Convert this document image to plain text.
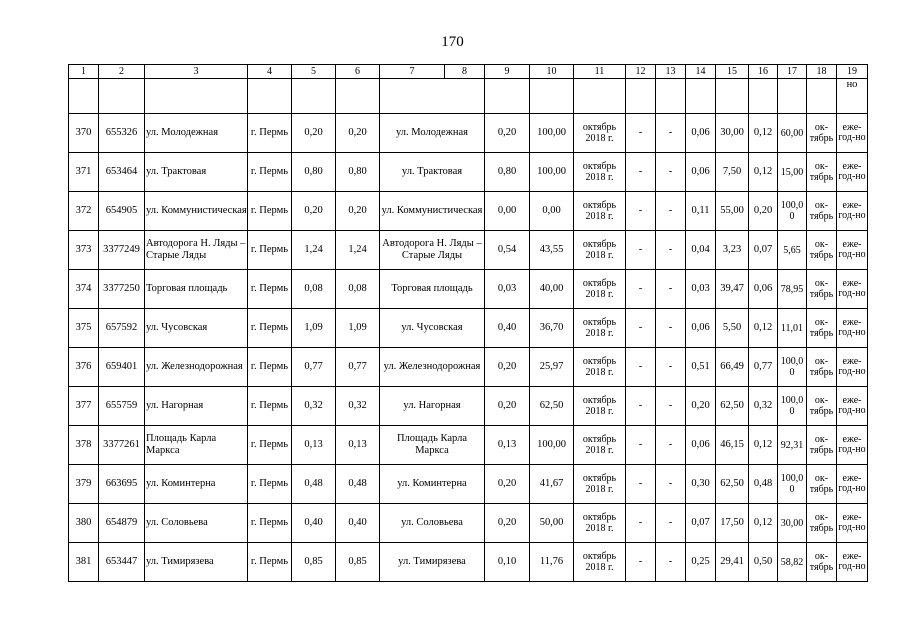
170
1	2	3	4	5	6	7	8	9	10	11	12	13	14	15	16	17	18	19
																		но
370	655326	ул. Молодежная	г. Пермь	0,20	0,20	ул. Молодежная		0,20	100,00	октябрь 2018 г.	-	-	0,06	30,00	0,12	60,00	ок-тябрь	еже-год-но
371	653464	ул. Трактовая	г. Пермь	0,80	0,80	ул. Трактовая		0,80	100,00	октябрь 2018 г.	-	-	0,06	7,50	0,12	15,00	ок-тябрь	еже-год-но
372	654905	ул. Коммунистическая	г. Пермь	0,20	0,20	ул. Коммунистическая		0,00	0,00	октябрь 2018 г.	-	-	0,11	55,00	0,20	100,0 0	ок-тябрь	еже-год-но
373	3377249	Автодорога Н. Ляды – Старые Ляды	г. Пермь	1,24	1,24	Автодорога Н. Ляды – Старые Ляды		0,54	43,55	октябрь 2018 г.	-	-	0,04	3,23	0,07	5,65	ок-тябрь	еже-год-но
374	3377250	Торговая площадь	г. Пермь	0,08	0,08	Торговая площадь		0,03	40,00	октябрь 2018 г.	-	-	0,03	39,47	0,06	78,95	ок-тябрь	еже-год-но
375	657592	ул. Чусовская	г. Пермь	1,09	1,09	ул. Чусовская		0,40	36,70	октябрь 2018 г.	-	-	0,06	5,50	0,12	11,01	ок-тябрь	еже-год-но
376	659401	ул. Железнодорожная	г. Пермь	0,77	0,77	ул. Железнодорожная		0,20	25,97	октябрь 2018 г.	-	-	0,51	66,49	0,77	100,0 0	ок-тябрь	еже-год-но
377	655759	ул. Нагорная	г. Пермь	0,32	0,32	ул. Нагорная		0,20	62,50	октябрь 2018 г.	-	-	0,20	62,50	0,32	100,0 0	ок-тябрь	еже-год-но
378	3377261	Площадь Карла Маркса	г. Пермь	0,13	0,13	Площадь Карла Маркса		0,13	100,00	октябрь 2018 г.	-	-	0,06	46,15	0,12	92,31	ок-тябрь	еже-год-но
379	663695	ул. Коминтерна	г. Пермь	0,48	0,48	ул. Коминтерна		0,20	41,67	октябрь 2018 г.	-	-	0,30	62,50	0,48	100,0 0	ок-тябрь	еже-год-но
380	654879	ул. Соловьева	г. Пермь	0,40	0,40	ул. Соловьева		0,20	50,00	октябрь 2018 г.	-	-	0,07	17,50	0,12	30,00	ок-тябрь	еже-год-но
381	653447	ул. Тимирязева	г. Пермь	0,85	0,85	ул. Тимирязева		0,10	11,76	октябрь 2018 г.	-	-	0,25	29,41	0,50	58,82	ок-тябрь	еже-год-но
